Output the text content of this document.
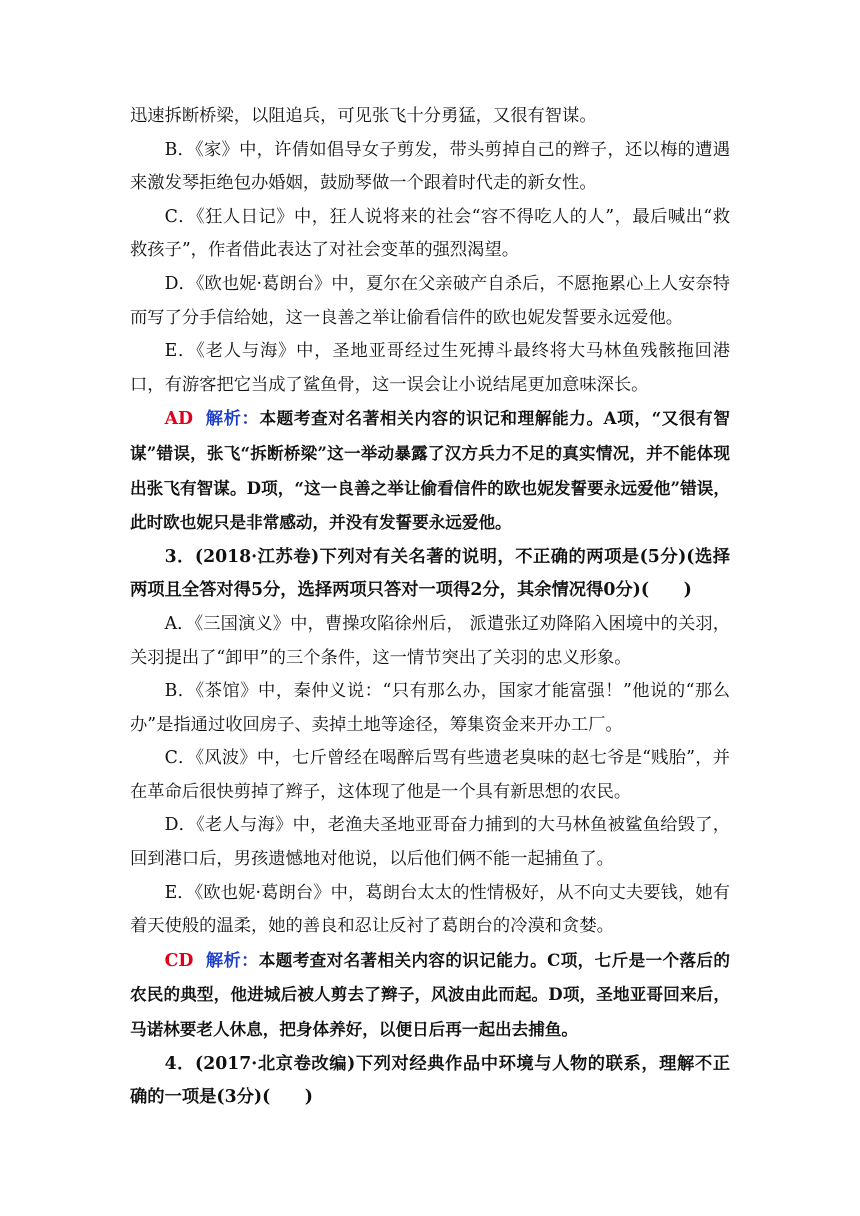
迅速拆断桥梁，以阻追兵，可见张飞十分勇猛，又很有智谋。

B．《家》中，许倩如倡导女子剪发，带头剪掉自己的辫子，还以梅的遭遇来激发琴拒绝包办婚姻，鼓励琴做一个跟着时代走的新女性。

C．《狂人日记》中，狂人说将来的社会“容不得吃人的人”，最后喊出“救救孩子”，作者借此表达了对社会变革的强烈渴望。

D．《欧也妮·葛朗台》中，夏尔在父亲破产自杀后，不愿拖累心上人安奈特而写了分手信给她，这一良善之举让偷看信件的欧也妮发誓要永远爱他。

E．《老人与海》中，圣地亚哥经过生死搏斗最终将大马林鱼残骸拖回港口，有游客把它当成了鲨鱼骨，这一误会让小说结尾更加意味深长。

AD 解析：本题考查对名著相关内容的识记和理解能力。A项，“又很有智谋”错误，张飞“拆断桥梁”这一举动暴露了汉方兵力不足的真实情况，并不能体现出张飞有智谋。D项，“这一良善之举让偷看信件的欧也妮发誓要永远爱他”错误，此时欧也妮只是非常感动，并没有发誓要永远爱他。

3．(2018·江苏卷)下列对有关名著的说明，不正确的两项是(5分)(选择两项且全答对得5分，选择两项只答对一项得2分，其余情况得0分)(　　)

A．《三国演义》中，曹操攻陷徐州后， 派遣张辽劝降陷入困境中的关羽，关羽提出了“卸甲”的三个条件，这一情节突出了关羽的忠义形象。

B．《茶馆》中，秦仲义说：“只有那么办，国家才能富强！”他说的“那么办”是指通过收回房子、卖掉土地等途径，筹集资金来开办工厂。

C．《风波》中，七斤曾经在喝醉后骂有些遗老臭味的赵七爷是“贱胎”，并在革命后很快剪掉了辫子，这体现了他是一个具有新思想的农民。

D．《老人与海》中，老渔夫圣地亚哥奋力捕到的大马林鱼被鲨鱼给毁了，回到港口后，男孩遗憾地对他说，以后他们俩不能一起捕鱼了。

E．《欧也妮·葛朗台》中，葛朗台太太的性情极好，从不向丈夫要钱，她有着天使般的温柔，她的善良和忍让反衬了葛朗台的冷漠和贪婪。

CD 解析：本题考查对名著相关内容的识记能力。C项，七斤是一个落后的农民的典型，他进城后被人剪去了辫子，风波由此而起。D项，圣地亚哥回来后，马诺林要老人休息，把身体养好，以便日后再一起出去捕鱼。

4．(2017·北京卷改编)下列对经典作品中环境与人物的联系，理解不正确的一项是(3分)(　　)
